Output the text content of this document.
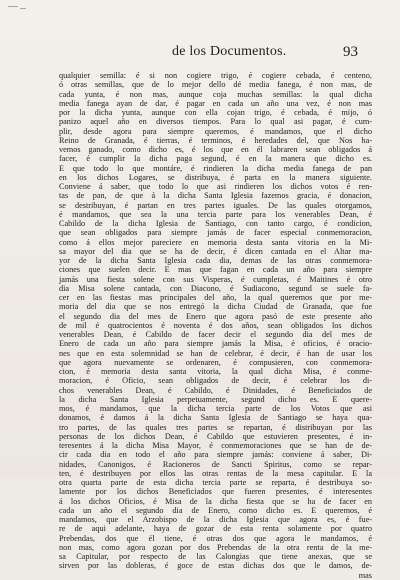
de los Documentos.	93
qualquier semilla: é si non cogiere trigo, é cogiere cebada, é centeno,
ó otras semillas, que de lo mejor dello dé media fanega, é non mas, de
cada yunta, é non mas, aunque coja muchas semillas: la qual dicha
media fanega ayan de dar, é pagar en cada un año una vez, é non mas
por la dicha yunta, aunque con ella cojan trigo, é cebada, é mijo, ó
panizo aquel año en diversos tiempos. Para lo qual asi pagar, é cum-
plir, desde agora para siempre queremos, é mandamos, que el dicho
Reino de Granada, é tierras, é terminos, é heredades del, que Nos ha-
vemos ganado, como dicho es, é los que en él labraren sean obligados á
facer, é cumplir la dicha paga segund, é en la manera que dicho es.
E que todo lo que montáre, é rindieren la dicha media fanega de pan
en los dichos Logares, se distribuya, é parta en la manera siguiente.
Conviene á saber, que todo lo que asi rindieren los dichos votos é ren-
tas de pan, de que á la dicha Santa Iglesia fazemos gracia, é donacion,
se destribuyan, é partan en tres partes iguales. De las quales otorgamos,
é mandamos, que sea la una tercia parte para los venerables Dean, é
Cabildo de la dicha Iglesia de Santiago, con tanto cargo, é condicion,
que sean obligados para siempre jamás de facer especial conmemoracion,
como á ellos mejor pareciere en memoria desta santa vitoria en la Mi-
sa mayor del dia que se ha de decir, é dicen cantada en el Altar ma-
yor de la dicha Santa Iglesia cada dia, demas de las otras conmemora-
ciones que suelen decir. E mas que fagan en cada un año para siempre
jamás una fiesta solene con sus Visperas, é cumpletas, é Maitines é otro
dia Misa solene cantada, con Diacono, é Sudiacono, segund se suele fa-
cer en las fiestas mas principales del año, la qual queremos que por me-
moria del dia que se nos entregó la dicha Ciudad de Granada, que fue
el segundo dia del mes de Enero que agora pasó de este presente año
de mil é quatrocientos é noventa é dos años, sean obligados los dichos
venerables Dean, é Cabildo de facer decir el segundo dia del mes de
Enero de cada un año para siempre jamás la Misa, é oficios, é oracio-
nes que en esta solemnidad se han de celebrar, é decir, é han de usar los
que agora nuevamente se ordenaren, é compusieren, con conmemora-
cion, é memoria desta santa vitoria, la qual dicha Misa, é conme-
moracion, é Oficio, sean obligados de decir, é celebrar los di-
chos venerables Dean, é Cabildo, é Dinidades, é Beneficiados de
la dicha Santa Iglesia perpetuamente, segund dicho es. E quere-
mos, é mandamos, que la dicha tercia parte de los Votos que asi
donamos, é damos á la dicha Santa Iglesia de Santiago se haya qua-
tro partes, de las quales tres partes se repartan, é distribuyan por las
personas de los dichos Dean, é Cabildo que estuvieren presentes, é in-
teresentes á la dicha Misa Mayor, é conmemoraciones que se han de de-
cir cada dia en todo el año para siempre jamás: conviene á saber, Di-
nidades, Canonigos, é Racioneros de Sancti Spiritus, como se repar-
ten, é destribuyen por ellos las otras rentas de la mesa capitular. E la
otra quarta parte de esta dicha tercia parte se reparta, é destribuya so-
lamente por los dichos Beneficiados que fueren presentes, é interesentes
á los dichos Oficios, é Misa de la dicha fiesta que se ha de facer en
cada un año el segundo dia de Enero, como dicho es. E queremos, é
mandamos, que el Arzobispo de la dicha Iglesia que agora es, é fue-
re de aqui adelante, haya de gozar de esta renta solamente por quatro
Prebendas, dos que él tiene, é otras dos que agora le mandamos, é
non mas, como agora gozan por dos Prebendas de la otra renta de la me-
sa Capitular, por respecto de las Calongias que tiene anexas, que se
sirven por las dobleras, é goce de estas dichas dos que le damos, de-
mas
